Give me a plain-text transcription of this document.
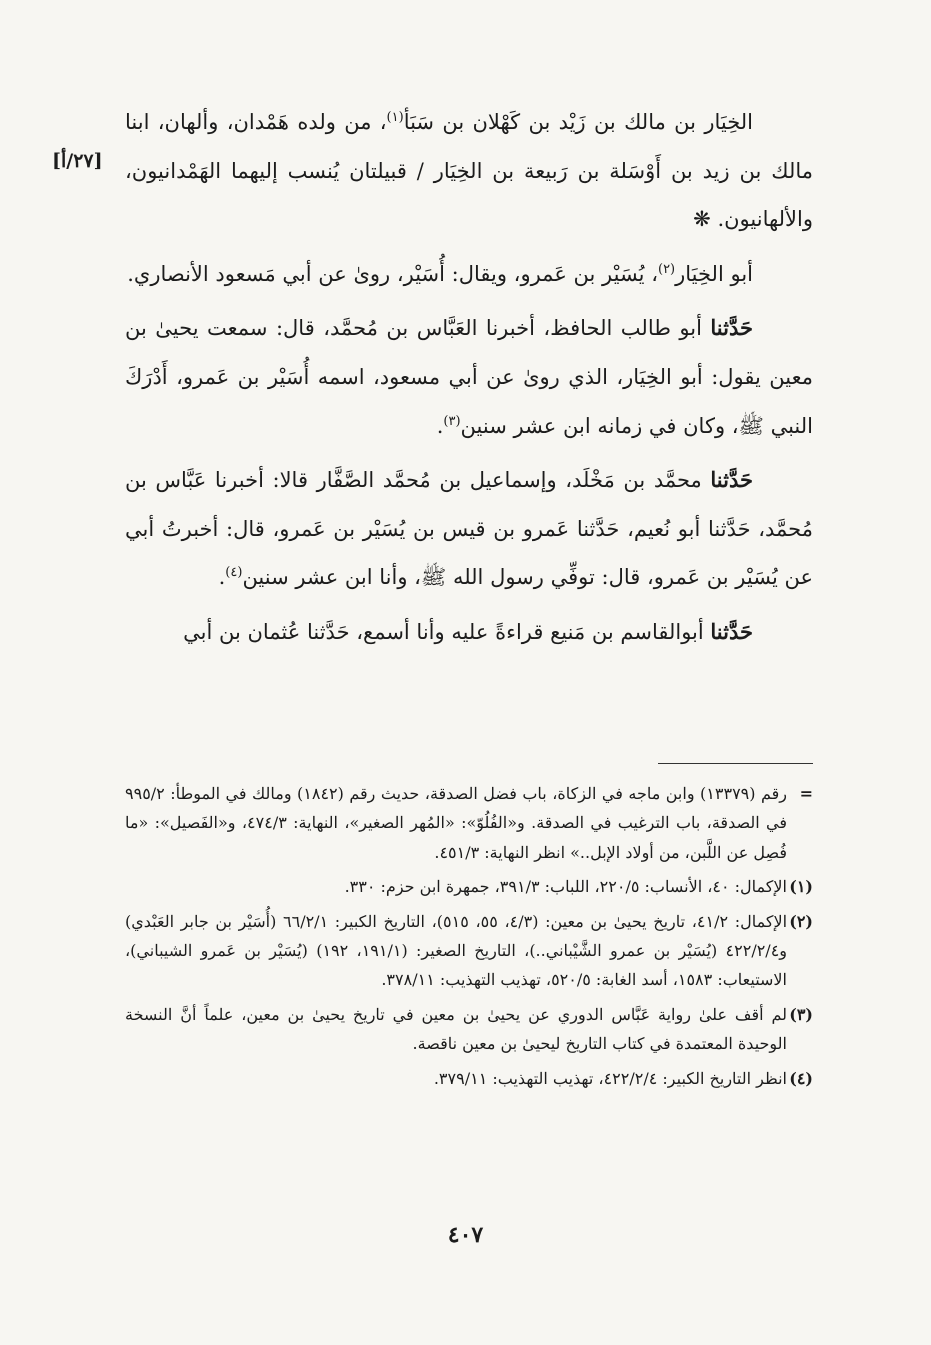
[٢٧/أ]

الخِيَار بن مالك بن زَيْد بن كَهْلان بن سَبَأ$^{(١)}$، من ولده هَمْدان، وألهان، ابنا مالك بن زيد بن أَوْسَلة بن رَبيعة بن الخِيَار / قبيلتان يُنسب إليهما الهَمْدانيون، والألهانيون. ❋

أبو الخِيَار$^{(٢)}$، يُسَيْر بن عَمرو، ويقال: أُسَيْر، روىٰ عن أبي مَسعود الأنصاري.

حَدَّثنا أبو طالب الحافظ، أخبرنا العَبَّاس بن مُحمَّد، قال: سمعت يحيىٰ بن معين يقول: أبو الخِيَار، الذي روىٰ عن أبي مسعود، اسمه أُسَيْر بن عَمرو، أَدْرَكَ النبي ﷺ، وكان في زمانه ابن عشر سنين$^{(٣)}$.

حَدَّثنا محمَّد بن مَخْلَد، وإسماعيل بن مُحمَّد الصَّفَّار قالا: أخبرنا عَبَّاس بن مُحمَّد، حَدَّثنا أبو نُعيم، حَدَّثنا عَمرو بن قيس بن يُسَيْر بن عَمرو، قال: أخبرتُ أبي عن يُسَيْر بن عَمرو، قال: توفِّي رسول الله ﷺ، وأنا ابن عشر سنين$^{(٤)}$.

حَدَّثنا أبوالقاسم بن مَنيع قراءةً عليه وأنا أسمع، حَدَّثنا عُثمان بن أبي

=
رقم (١٣٣٧٩) وابن ماجه في الزكاة، باب فضل الصدقة، حديث رقم (١٨٤٢) ومالك في الموطأ: ٩٩٥/٢ في الصدقة، باب الترغيب في الصدقة. و«الفُلُوّ»: «المُهر الصغير»، النهاية: ٤٧٤/٣، و«الفَصيل»: «ما فُصِل عن اللَّبن، من أولاد الإبل..» انظر النهاية: ٤٥١/٣.
(١)
الإكمال: ٤٠، الأنساب: ٢٢٠/٥، اللباب: ٣٩١/٣، جمهرة ابن حزم: ٣٣٠.
(٢)
الإكمال: ٤١/٢، تاريخ يحيىٰ بن معين: (٤/٣، ٥٥، ٥١٥)، التاريخ الكبير: ٦٦/٢/١ (أُسَيْر بن جابر العَبْدي) و٤٢٢/٢/٤ (يُسَيْر بن عمرو الشَّيْباني..)، التاريخ الصغير: (١٩١/١، ١٩٢) (يُسَيْر بن عَمرو الشيباني)، الاستيعاب: ١٥٨٣، أسد الغابة: ٥٢٠/٥، تهذيب التهذيب: ٣٧٨/١١.
(٣)
لم أقف علىٰ رواية عَبَّاس الدوري عن يحيىٰ بن معين في تاريخ يحيىٰ بن معين، علماً أنَّ النسخة الوحيدة المعتمدة في كتاب التاريخ ليحيىٰ بن معين ناقصة.
(٤)
انظر التاريخ الكبير: ٤٢٢/٢/٤، تهذيب التهذيب: ٣٧٩/١١.
٤٠٧
